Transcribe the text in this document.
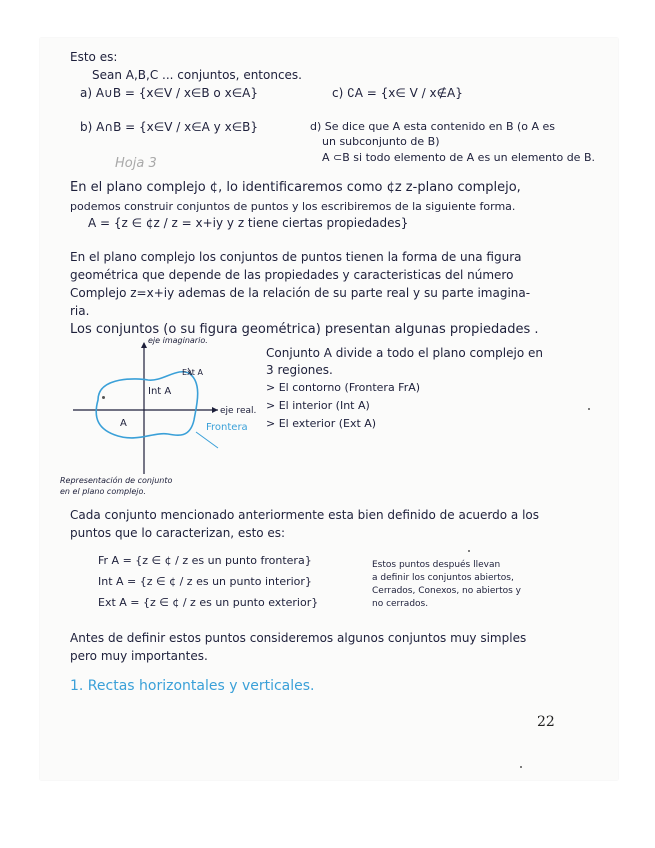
Esto es:
Sean A,B,C ... conjuntos, entonces.
a) A∪B = {x∈V / x∈B o x∈A}	c) ∁A = {x∈ V / x∉A}
b) A∩B = {x∈V / x∈A y x∈B}	d) Se dice que A esta contenido en B (o A es
un subconjunto de B)
A ⊂B si todo elemento de A es un elemento de B.
Hoja 3
En el plano complejo ¢, lo identificaremos como ¢z z-plano complejo,
podemos construir conjuntos de puntos y los escribiremos de la siguiente forma.
A = {z ∈ ¢z / z = x+iy y z tiene ciertas propiedades}
En el plano complejo los conjuntos de puntos tienen la forma de una figura
geométrica que depende de las propiedades y caracteristicas del número
Complejo z=x+iy ademas de la relación de su parte real y su parte imagina-
ria.
Los conjuntos (o su figura geométrica) presentan algunas propiedades .
eje imaginario.
Ext A
Int A
A
eje real.
Frontera
Representación de conjunto
en el plano complejo.
Conjunto A divide a todo el plano complejo en
3 regiones.
> El contorno (Frontera FrA)
> El interior (Int A)
> El exterior (Ext A)
Cada conjunto mencionado anteriormente esta bien definido de acuerdo a los
puntos que lo caracterizan, esto es:
Fr A = {z ∈ ¢ / z es un punto frontera}
Int A = {z ∈ ¢ / z es un punto interior}
Ext A = {z ∈ ¢ / z es un punto exterior}
Estos puntos después llevan
a definir los conjuntos abiertos,
Cerrados, Conexos, no abiertos y
no cerrados.
Antes de definir estos puntos consideremos algunos conjuntos muy simples
pero muy importantes.
1. Rectas horizontales y verticales.
22
